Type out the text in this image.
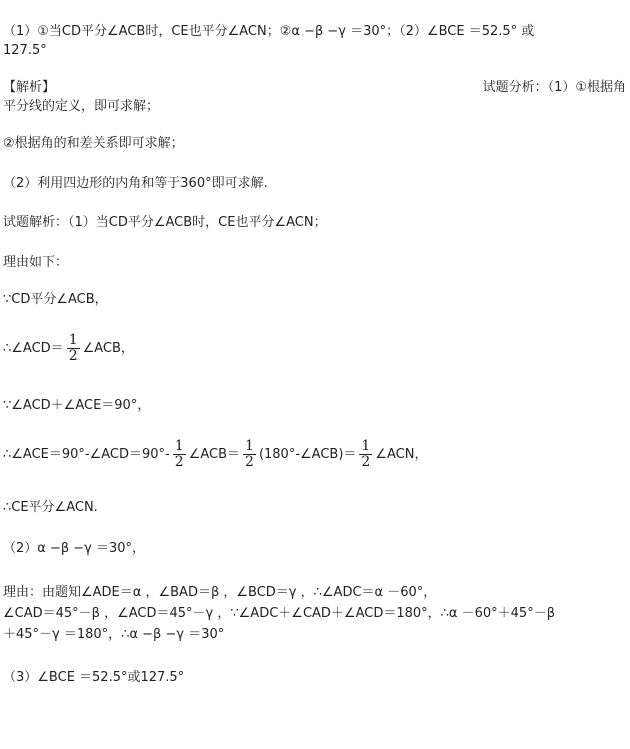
（1）①当CD平分∠ACB时，CE也平分∠ACN；②α −β −γ ＝30°；（2）∠BCE ＝52.5° 或
127.5°
【解析】	试题分析：（1）①根据角
平分线的定义，即可求解；
②根据角的和差关系即可求解；
（2）利用四边形的内角和等于360°即可求解.
试题解析：（1）当CD平分∠ACB时，CE也平分∠ACN；
理由如下：
∵CD平分∠ACB，
∴∠ACD＝ $\frac{1}{2}$ ∠ACB，
∵∠ACD＋∠ACE＝90°，
∴∠ACE＝90°-∠ACD＝90°- $\frac{1}{2}$ ∠ACB＝ $\frac{1}{2}$ (180°-∠ACB)＝ $\frac{1}{2}$ ∠ACN，
∴CE平分∠ACN.
（2）α −β −γ ＝30°，
理由：由题知∠ADE＝α ，∠BAD＝β ，∠BCD＝γ ，∴∠ADC＝α －60°，
∠CAD＝45°－β ，∠ACD＝45°－γ ，∵∠ADC＋∠CAD＋∠ACD＝180°，∴α －60°＋45°－β
＋45°－γ ＝180°，∴α −β −γ ＝30°
（3）∠BCE ＝52.5°或127.5°
